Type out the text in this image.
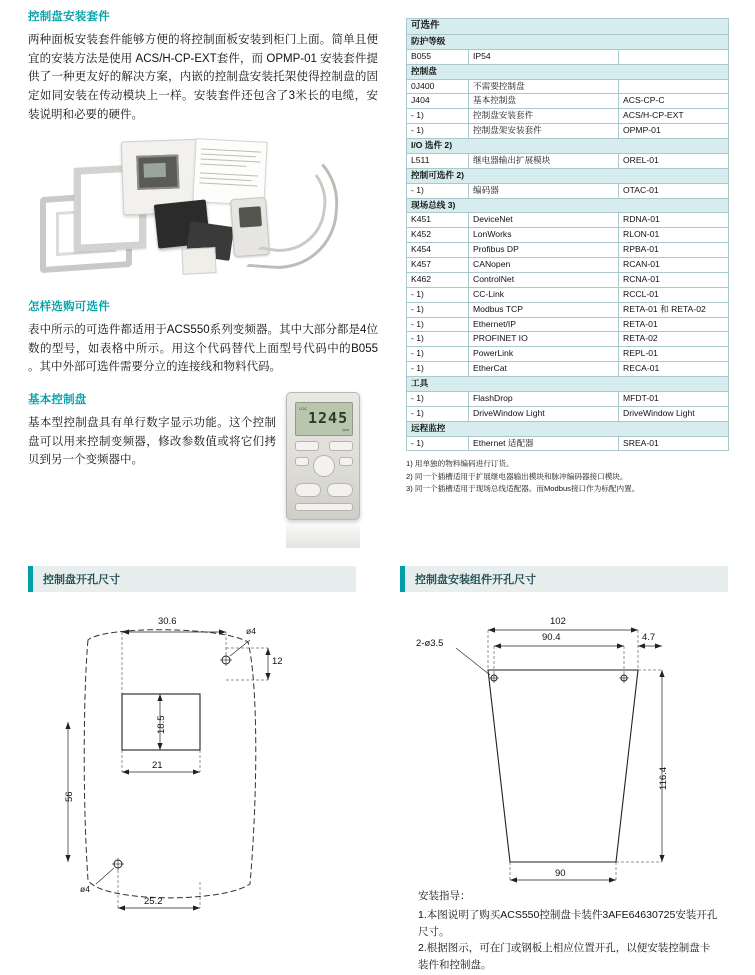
控制盘安装套件

两种面板安装套件能够方便的将控制面板安装到柜门上面。简单且便宜的安装方法是使用 ACS/H-CP-EXT套件，而 OPMP-01 安装套件提供了一种更友好的解决方案，内嵌的控制盘安装托架使得控制盘的固定如同安装在传动模块上一样。安装套件还包含了3米长的电缆，安装说明和必要的硬件。

怎样选购可选件

表中所示的可选件都适用于ACS550系列变频器。其中大部分都是4位数的型号，如表格中所示。用这个代码替代上面型号代码中的B055 。其中外部可选件需要分立的连接线和物料代码。

基本控制盘

基本型控制盘具有单行数字显示功能。这个控制盘可以用来控制变频器，修改参数值或将它们拷贝到另一个变频器中。

LOC
1245
rpm
可选件		
防护等级		
B055	IP54	
控制盘		
0J400	不需要控制盘	
J404	基本控制盘	ACS-CP-C
- 1)	控制盘安装套件	ACS/H-CP-EXT
- 1)	控制盘架安装套件	OPMP-01
I/O 选件 2)		
L511	继电器输出扩展模块	OREL-01
控制可选件 2)		
- 1)	编码器	OTAC-01
现场总线 3)		
K451	DeviceNet	RDNA-01
K452	LonWorks	RLON-01
K454	Profibus DP	RPBA-01
K457	CANopen	RCAN-01
K462	ControlNet	RCNA-01
- 1)	CC-Link	RCCL-01
- 1)	Modbus TCP	RETA-01 和 RETA-02
- 1)	Ethernet/IP	RETA-01
- 1)	PROFINET IO	RETA-02
- 1)	PowerLink	REPL-01
- 1)	EtherCat	RECA-01
工具		
- 1)	FlashDrop	MFDT-01
- 1)	DriveWindow Light	DriveWindow Light
远程监控		
- 1)	Ethernet 适配器	SREA-01
1) 用单独的物料编码进行订货。
2) 同一个插槽适用于扩展继电器输出模块和脉冲编码器接口模块。
3) 同一个插槽适用于现场总线适配器。而Modbus接口作为标配内置。
控制盘开孔尺寸	控制盘安装组件开孔尺寸
30.6
ø4
12
18.5
21
56
25.2
ø4
2-ø3.5
102
90.4	4.7
116.4
90
安装指导：
1.本图说明了购买ACS550控制盘卡装件3AFE64630725安装开孔尺寸。
2.根据图示，可在门或钢板上相应位置开孔，以便安装控制盘卡装件和控制盘。
